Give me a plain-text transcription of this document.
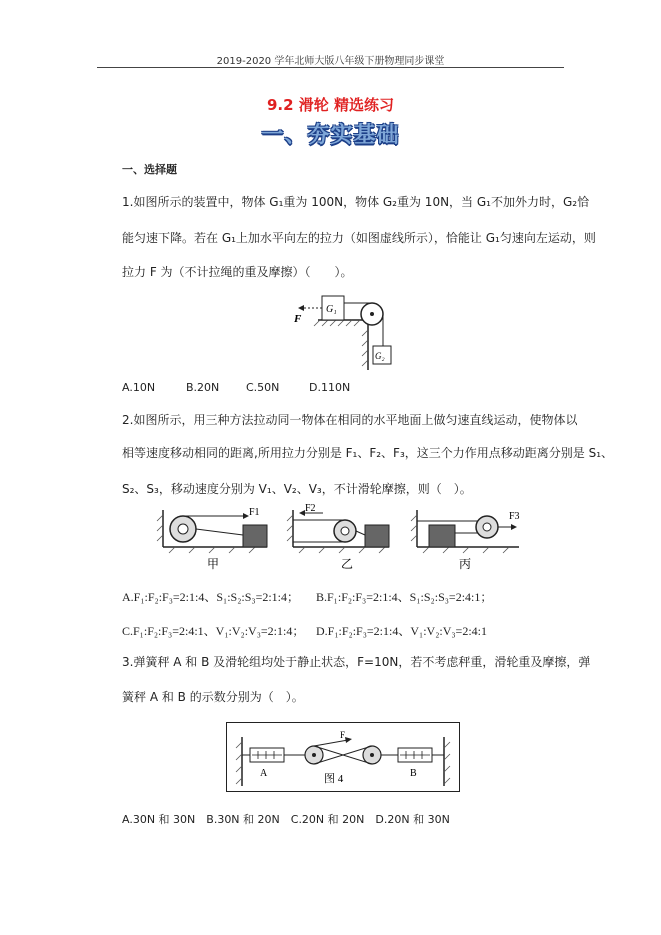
2019-2020 学年北师大版八年级下册物理同步课堂
9.2 滑轮 精选练习
一、夯实基础
一、选择题
1.如图所示的装置中，物体 G₁重为 100N，物体 G₂重为 10N，当 G₁不加外力时，G₂恰
能匀速下降。若在 G₁上加水平向左的拉力（如图虚线所示），恰能让 G₁匀速向左运动，则
拉力 F 为（不计拉绳的重及摩擦）（　　）。
G₁
G₂
F
A.10N	B.20N C.50N	D.110N
2.如图所示，用三种方法拉动同一物体在相同的水平地面上做匀速直线运动，使物体以
相等速度移动相同的距离,所用拉力分别是 F₁、F₂、F₃，这三个力作用点移动距离分别是 S₁、
S₂、S₃，移动速度分别为 V₁、V₂、V₃，不计滑轮摩擦，则（　）。
F1
甲
F2
乙
F3
丙
A.F₁:F₂:F₃=2:1:4、S₁:S₂:S₃=2:1:4； B.F₁:F₂:F₃=2:1:4、S₁:S₂:S₃=2:4:1；
C.F₁:F₂:F₃=2:4:1、V₁:V₂:V₃=2:1:4； D.F₁:F₂:F₃=2:1:4、V₁:V₂:V₃=2:4:1
3.弹簧秤 A 和 B 及滑轮组均处于静止状态，F=10N，若不考虑秤重，滑轮重及摩擦，弹
簧秤 A 和 B 的示数分别为（　）。
A
F
B
图 4
A.30N 和 30N　B.30N 和 20N　C.20N 和 20N　D.20N 和 30N
